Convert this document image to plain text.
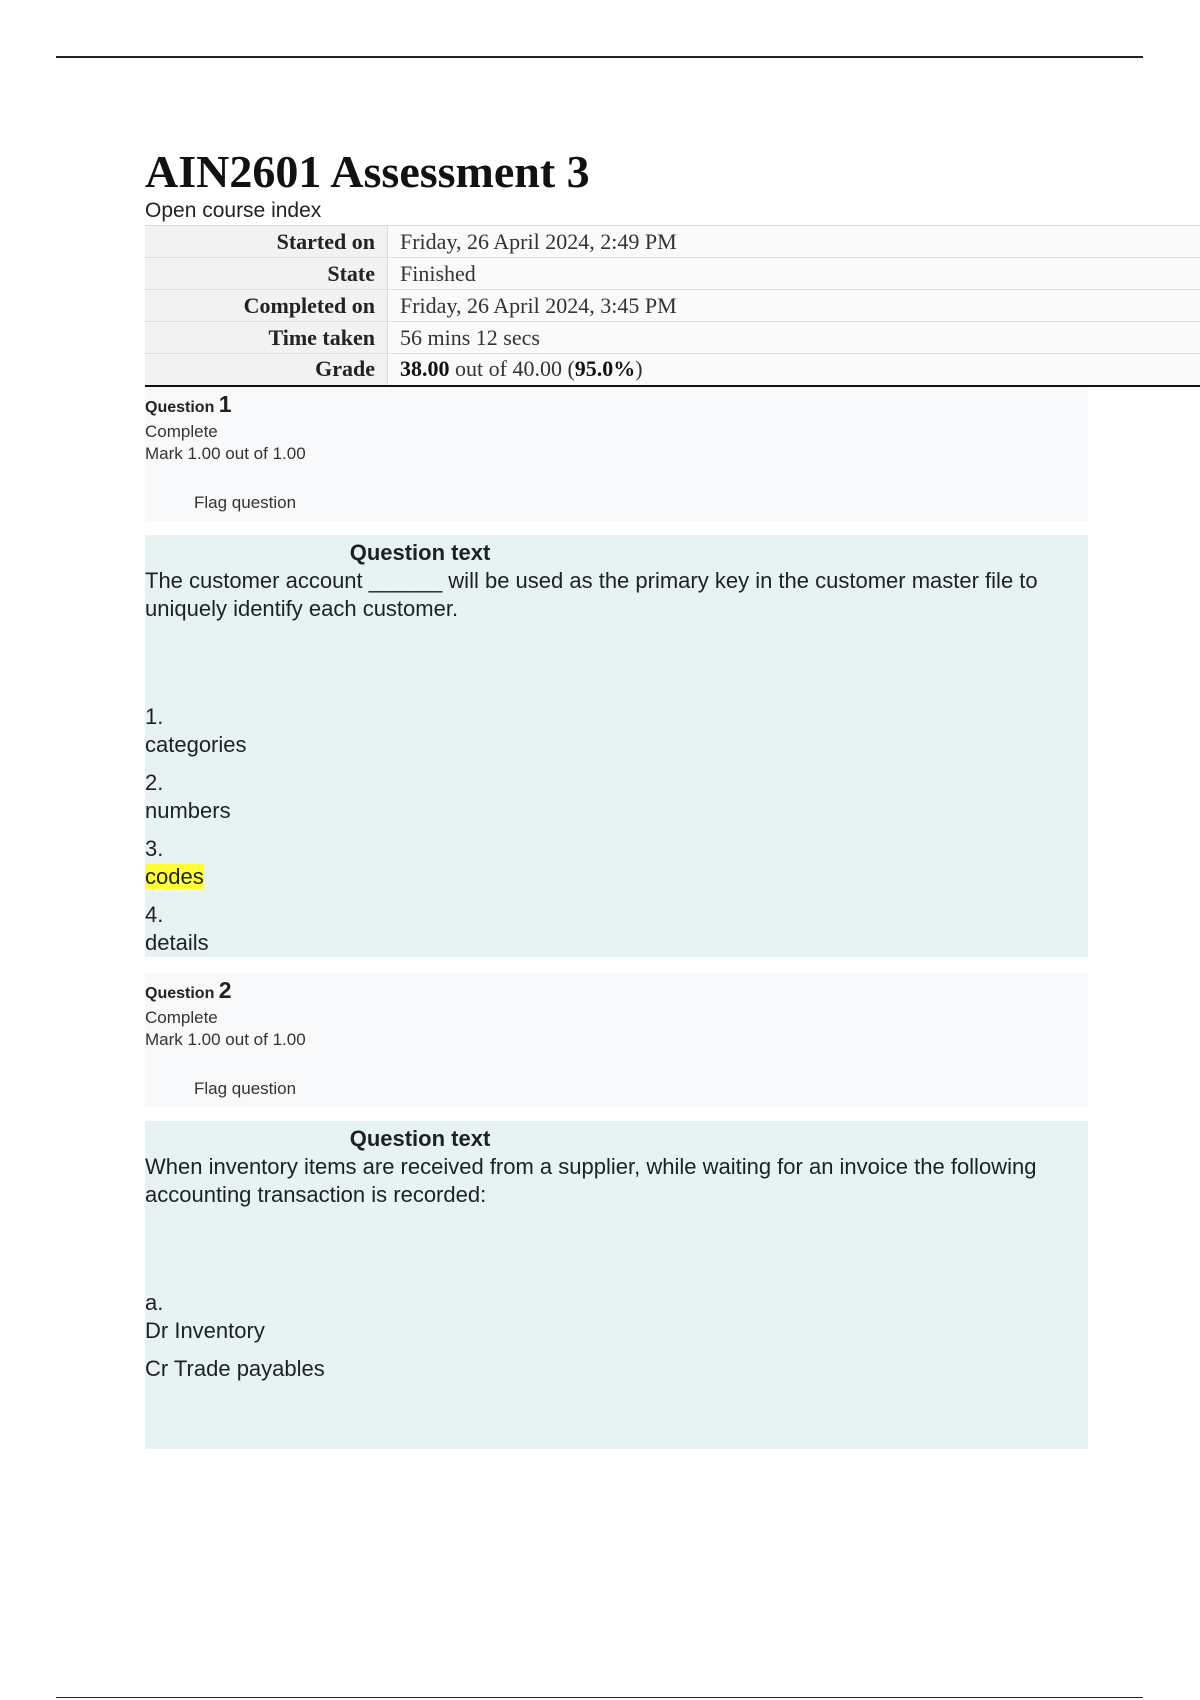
AIN2601 Assessment 3
Open course index
Started on	Friday, 26 April 2024, 2:49 PM
State	Finished
Completed on	Friday, 26 April 2024, 3:45 PM
Time taken	56 mins 12 secs
Grade	38.00 out of 40.00 (95.0%)
Question 1
Complete
Mark 1.00 out of 1.00
Flag question
Question text
The customer account ______ will be used as the primary key in the customer master file to uniquely identify each customer.
1.
categories
2.
numbers
3.
codes
4.
details
Question 2
Complete
Mark 1.00 out of 1.00
Flag question
Question text
When inventory items are received from a supplier, while waiting for an invoice the following accounting transaction is recorded:
a.
Dr Inventory
Cr Trade payables
